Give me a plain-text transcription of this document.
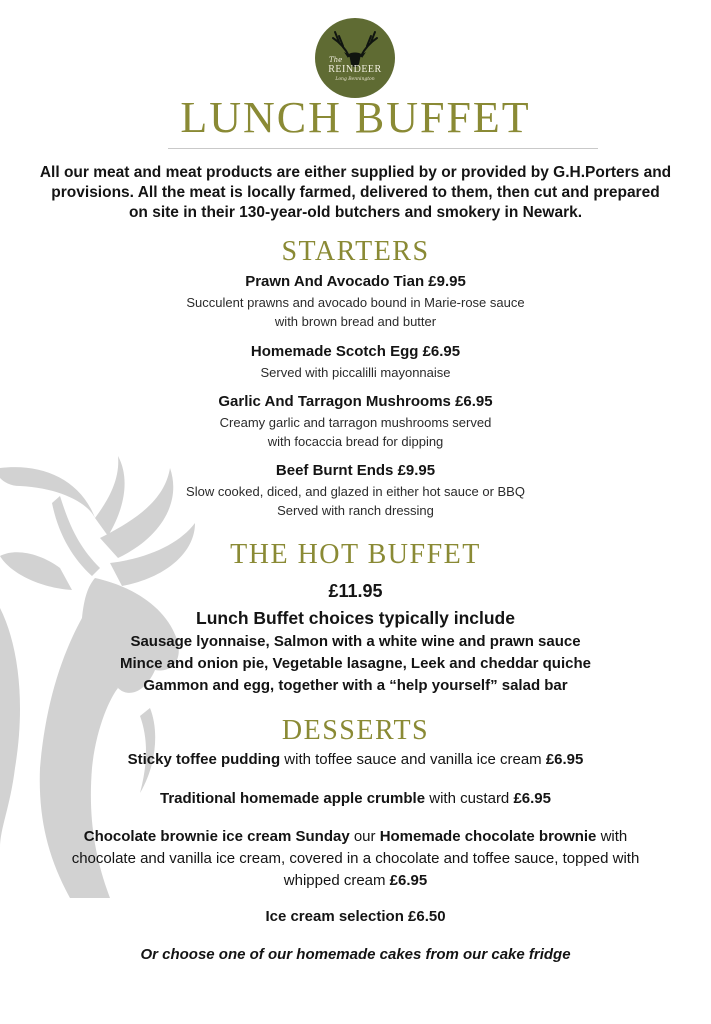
The
REINDEER
Long Bennington
LUNCH BUFFET
All our meat and meat products are either supplied by or provided by G.H.Porters and
provisions. All the meat is locally farmed, delivered to them, then cut and prepared
on site in their 130-year-old butchers and smokery in Newark.
STARTERS
Prawn And Avocado Tian £9.95
Succulent prawns and avocado bound in Marie-rose sauce
with brown bread and butter
Homemade Scotch Egg £6.95
Served with piccalilli mayonnaise
Garlic And Tarragon Mushrooms £6.95
Creamy garlic and tarragon mushrooms served
with focaccia bread for dipping
Beef Burnt Ends £9.95
Slow cooked, diced, and glazed in either hot sauce or BBQ
Served with ranch dressing
THE HOT BUFFET
£11.95
Lunch Buffet choices typically include
Sausage lyonnaise, Salmon with a white wine and prawn sauce
Mince and onion pie, Vegetable lasagne, Leek and cheddar quiche
Gammon and egg, together with a “help yourself” salad bar
DESSERTS
Sticky toffee pudding with toffee sauce and vanilla ice cream £6.95
Traditional homemade apple crumble with custard £6.95
Chocolate brownie ice cream Sunday our Homemade chocolate brownie with
chocolate and vanilla ice cream, covered in a chocolate and toffee sauce, topped with
whipped cream £6.95
Ice cream selection £6.50
Or choose one of our homemade cakes from our cake fridge
